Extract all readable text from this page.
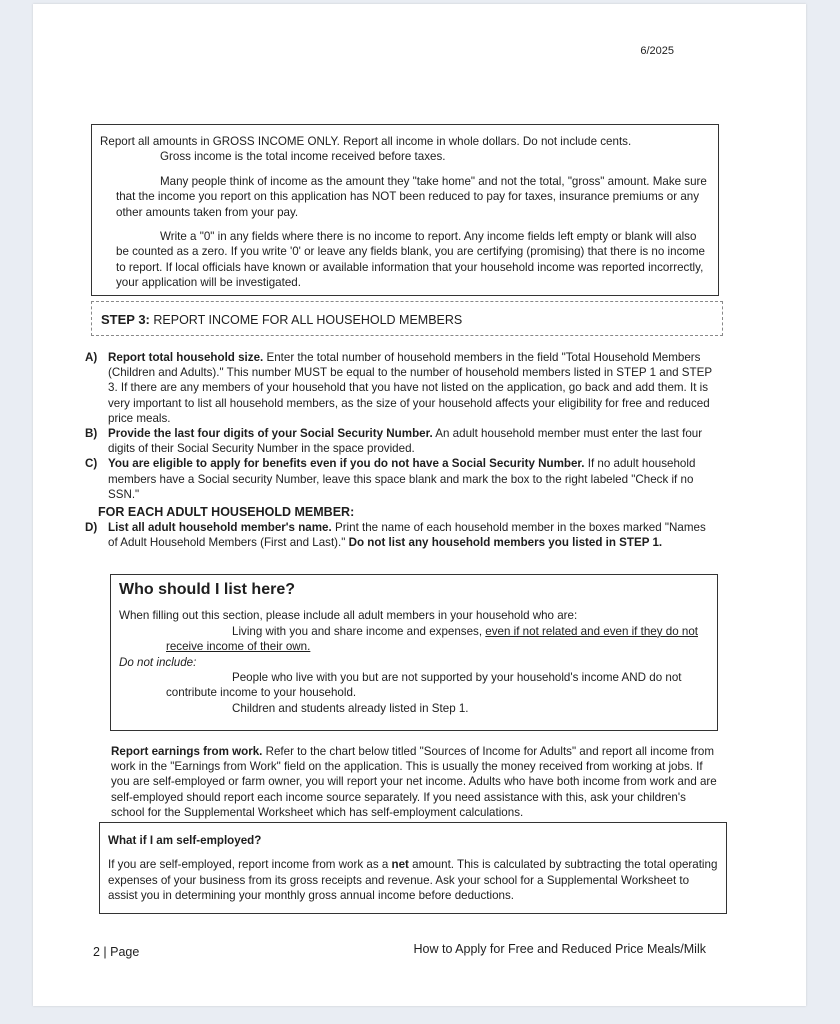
6/2025

Report all amounts in GROSS INCOME ONLY. Report all income in whole dollars. Do not include cents.

Gross income is the total income received before taxes.

Many people think of income as the amount they "take home" and not the total, "gross" amount. Make sure that the income you report on this application has NOT been reduced to pay for taxes, insurance premiums or any other amounts taken from your pay.

Write a "0" in any fields where there is no income to report. Any income fields left empty or blank will also be counted as a zero. If you write '0' or leave any fields blank, you are certifying (promising) that there is no income to report. If local officials have known or available information that your household income was reported incorrectly, your application will be investigated.

STEP 3: REPORT INCOME FOR ALL HOUSEHOLD MEMBERS
A) Report total household size. Enter the total number of household members in the field "Total Household Members (Children and Adults)." This number MUST be equal to the number of household members listed in STEP 1 and STEP 3. If there are any members of your household that you have not listed on the application, go back and add them. It is very important to list all household members, as the size of your household affects your eligibility for free and reduced price meals.
B) Provide the last four digits of your Social Security Number. An adult household member must enter the last four digits of their Social Security Number in the space provided.
C) You are eligible to apply for benefits even if you do not have a Social Security Number. If no adult household members have a Social security Number, leave this space blank and mark the box to the right labeled "Check if no SSN."
FOR EACH ADULT HOUSEHOLD MEMBER:
D) List all adult household member's name. Print the name of each household member in the boxes marked "Names of Adult Household Members (First and Last)." Do not list any household members you listed in STEP 1.
Who should I list here?
When filling out this section, please include all adult members in your household who are:
Living with you and share income and expenses, even if not related and even if they do not receive income of their own.
Do not include:
People who live with you but are not supported by your household's income AND do not contribute income to your household.
Children and students already listed in Step 1.
Report earnings from work. Refer to the chart below titled "Sources of Income for Adults" and report all income from work in the "Earnings from Work" field on the application. This is usually the money received from working at jobs. If you are self-employed or farm owner, you will report your net income. Adults who have both income from work and are self-employed should report each income source separately. If you need assistance with this, ask your children's school for the Supplemental Worksheet which has self-employment calculations.
What if I am self-employed?
If you are self-employed, report income from work as a net amount. This is calculated by subtracting the total operating expenses of your business from its gross receipts and revenue. Ask your school for a Supplemental Worksheet to assist you in determining your monthly gross annual income before deductions.
2 | Page	How to Apply for Free and Reduced Price Meals/Milk
